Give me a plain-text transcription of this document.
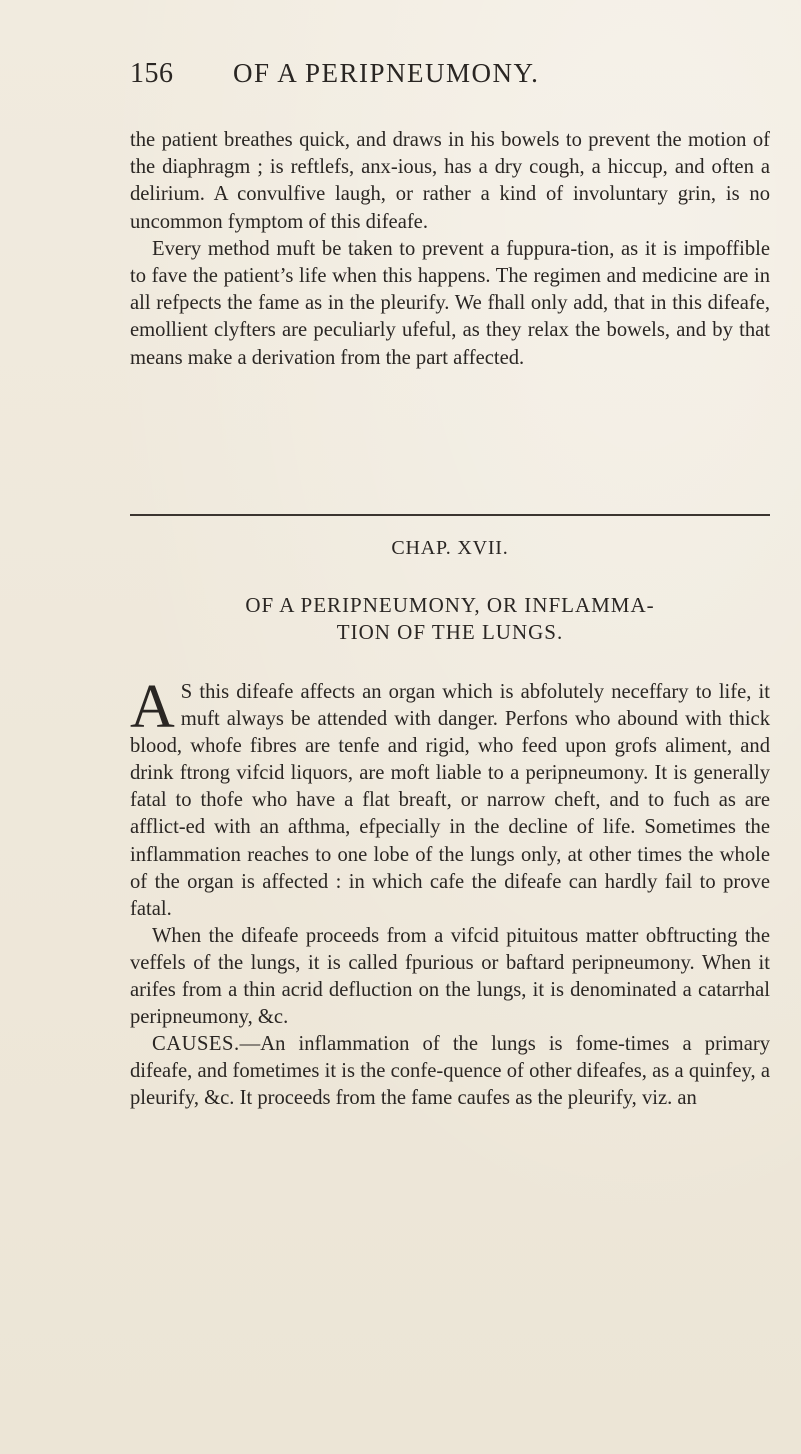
156 OF A PERIPNEUMONY.

the patient breathes quick, and draws in his bowels to prevent the motion of the diaphragm ; is reftlefs, anx-ious, has a dry cough, a hiccup, and often a delirium. A convulfive laugh, or rather a kind of involuntary grin, is no uncommon fymptom of this difeafe.

Every method muft be taken to prevent a fuppura-tion, as it is impoffible to fave the patient’s life when this happens. The regimen and medicine are in all refpects the fame as in the pleurify. We fhall only add, that in this difeafe, emollient clyfters are peculiarly ufeful, as they relax the bowels, and by that means make a derivation from the part affected.

CHAP. XVII.
OF A PERIPNEUMONY, OR INFLAMMA-
TION OF THE LUNGS.

A S this difeafe affects an organ which is abfolutely neceffary to life, it muft always be attended with danger. Perfons who abound with thick blood, whofe fibres are tenfe and rigid, who feed upon grofs aliment, and drink ftrong vifcid liquors, are moft liable to a peripneumony. It is generally fatal to thofe who have a flat breaft, or narrow cheft, and to fuch as are afflict-ed with an afthma, efpecially in the decline of life. Sometimes the inflammation reaches to one lobe of the lungs only, at other times the whole of the organ is affected : in which cafe the difeafe can hardly fail to prove fatal.

When the difeafe proceeds from a vifcid pituitous matter obftructing the veffels of the lungs, it is called fpurious or baftard peripneumony. When it arifes from a thin acrid defluction on the lungs, it is denominated a catarrhal peripneumony, &c.

CAUSES.—An inflammation of the lungs is fome-times a primary difeafe, and fometimes it is the confe-quence of other difeafes, as a quinfey, a pleurify, &c. It proceeds from the fame caufes as the pleurify, viz. an
